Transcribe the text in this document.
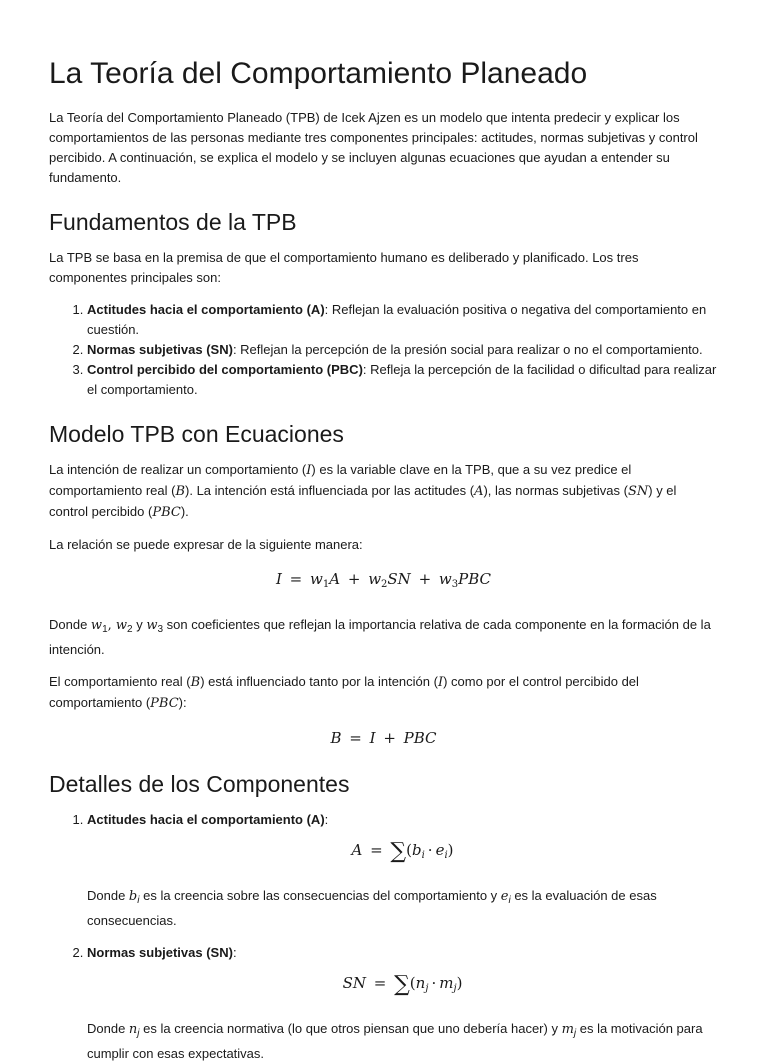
La Teoría del Comportamiento Planeado

La Teoría del Comportamiento Planeado (TPB) de Icek Ajzen es un modelo que intenta predecir y explicar los comportamientos de las personas mediante tres componentes principales: actitudes, normas subjetivas y control percibido. A continuación, se explica el modelo y se incluyen algunas ecuaciones que ayudan a entender su fundamento.

Fundamentos de la TPB

La TPB se basa en la premisa de que el comportamiento humano es deliberado y planificado. Los tres componentes principales son:

1. Actitudes hacia el comportamiento (A): Reflejan la evaluación positiva o negativa del comportamiento en cuestión.
2. Normas subjetivas (SN): Reflejan la percepción de la presión social para realizar o no el comportamiento.
3. Control percibido del comportamiento (PBC): Refleja la percepción de la facilidad o dificultad para realizar el comportamiento.
Modelo TPB con Ecuaciones

La intención de realizar un comportamiento (I) es la variable clave en la TPB, que a su vez predice el comportamiento real (B). La intención está influenciada por las actitudes (A), las normas subjetivas (SN) y el control percibido (PBC).

La relación se puede expresar de la siguiente manera:

$I = w_1A + w_2SN + w_3PBC$

Donde $w_1$, $w_2$ y $w_3$ son coeficientes que reflejan la importancia relativa de cada componente en la formación de la intención.

El comportamiento real (B) está influenciado tanto por la intención (I) como por el control percibido del comportamiento (PBC):

B = I + PBC
Detalles de los Componentes

1. Actitudes hacia el comportamiento (A):

$A = \sum(b_i \cdot e_i)$

Donde $b_i$ es la creencia sobre las consecuencias del comportamiento y $e_i$ es la evaluación de esas consecuencias.

2. Normas subjetivas (SN):

SN = $\sum(n_j \cdot m_j)$

Donde $n_j$ es la creencia normativa (lo que otros piensan que uno debería hacer) y $m_j$ es la motivación para cumplir con esas expectativas.
